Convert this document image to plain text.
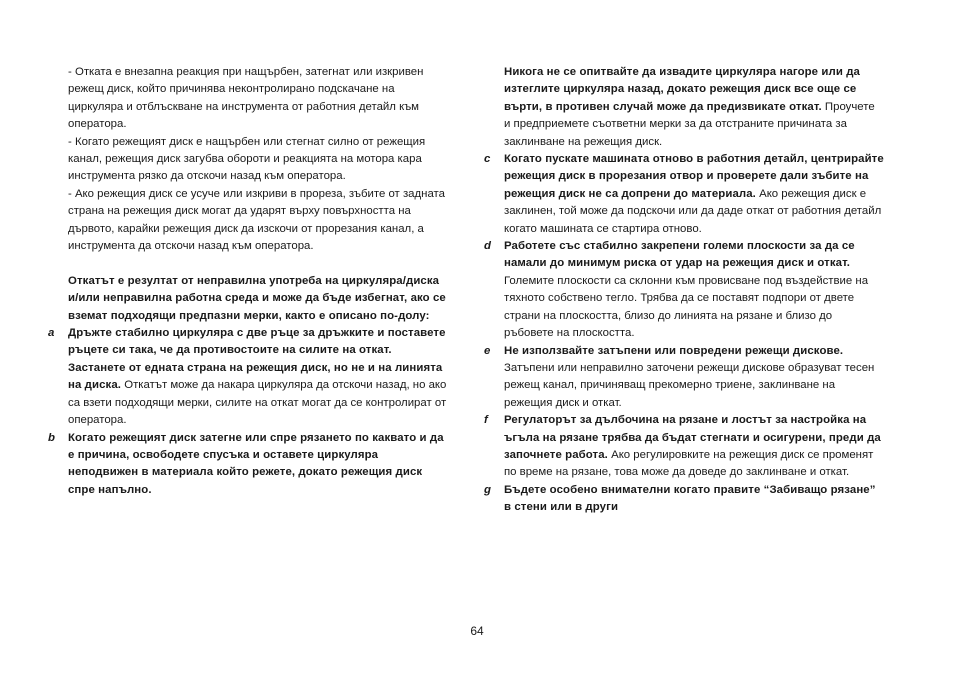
- Отката е внезапна реакция при нащърбен, затегнат или изкривен режещ диск, който причинява неконтролирано подскачане на циркуляра и отблъскване на инструмента от работния детайл към оператора.

- Когато режещият диск е нащърбен или стегнат силно от режещия канал, режещия диск загубва обороти и реакцията на мотора кара инструмента рязко да отскочи назад към оператора.

- Ако режещия диск се усуче или изкриви в прореза, зъбите от задната страна на режещия диск могат да ударят върху повърхността на дървото, карайки режещия диск да изскочи от прорезания канал, а инструмента да отскочи назад към оператора.

Откатът е резултат от неправилна употреба на циркуляра/диска и/или неправилна работна среда и може да бъде избегнат, ако се вземат подходящи предпазни мерки, както е описано по-долу:

a Дръжте стабилно циркуляра с две ръце за дръжките и поставете ръцете си така, че да противостоите на силите на откат. Застанете от едната страна на режещия диск, но не и на линията на диска. Откатът може да накара циркуляра да отскочи назад, но ако са взети подходящи мерки, силите на откат могат да се контролират от оператора.

b Когато режещият диск затегне или спре рязането по каквато и да е причина, освободете спусъка и оставете циркуляра неподвижен в материала който режете, докато режещия диск спре напълно.

Никога не се опитвайте да извадите циркуляра нагоре или да изтеглите циркуляра назад, докато режещия диск все още се върти, в противен случай може да предизвикате откат. Проучете и предприемете съответни мерки за да отстраните причината за заклинване на режещия диск.

c Когато пускате машината отново в работния детайл, центрирайте режещия диск в прорезания отвор и проверете дали зъбите на режещия диск не са допрени до материала. Ако режещия диск е заклинен, той може да подскочи или да даде откат от работния детайл когато машината се стартира отново.

d Работете със стабилно закрепени големи плоскости за да се намали до минимум риска от удар на режещия диск и откат. Големите плоскости са склонни към провисване под въздействие на тяхното собствено тегло. Трябва да се поставят подпори от двете страни на плоскостта, близо до линията на рязане и близо до ръбовете на плоскостта.

e Не използвайте затъпени или повредени режещи дискове. Затъпени или неправилно заточени режещи дискове образуват тесен режещ канал, причиняващ прекомерно триене, заклинване на режещия диск и откат.

f Регулаторът за дълбочина на рязане и лостът за настройка на ъгъла на рязане трябва да бъдат стегнати и осигурени, преди да започнете работа. Ако регулировките на режещия диск се променят по време на рязане, това може да доведе до заклинване и откат.

g Бъдете особено внимателни когато правите “Забиващо рязане” в стени или в други

64
